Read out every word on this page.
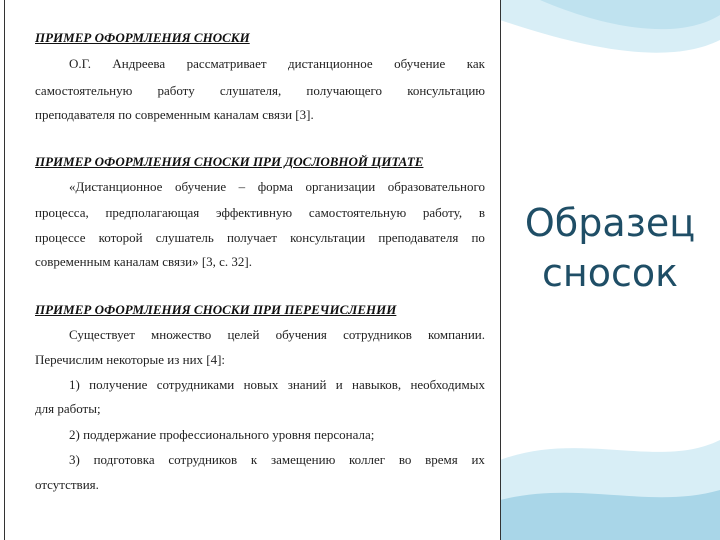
ПРИМЕР ОФОРМЛЕНИЯ СНОСКИ
О.Г. Андреева рассматривает дистанционное обучение как
самостоятельную работу слушателя, получающего консультацию
преподавателя по современным каналам связи [3].
ПРИМЕР ОФОРМЛЕНИЯ СНОСКИ ПРИ ДОСЛОВНОЙ ЦИТАТЕ
«Дистанционное обучение – форма организации образовательного
процесса, предполагающая эффективную самостоятельную работу, в
процессе которой слушатель получает консультации преподавателя по
современным каналам связи» [3, с. 32].
ПРИМЕР ОФОРМЛЕНИЯ СНОСКИ ПРИ ПЕРЕЧИСЛЕНИИ
Существует множество целей обучения сотрудников компании.
Перечислим некоторые из них [4]:
1) получение сотрудниками новых знаний и навыков, необходимых
для работы;
2) поддержание профессионального уровня персонала;
3) подготовка сотрудников к замещению коллег во время их
отсутствия.
Образец
сносок
